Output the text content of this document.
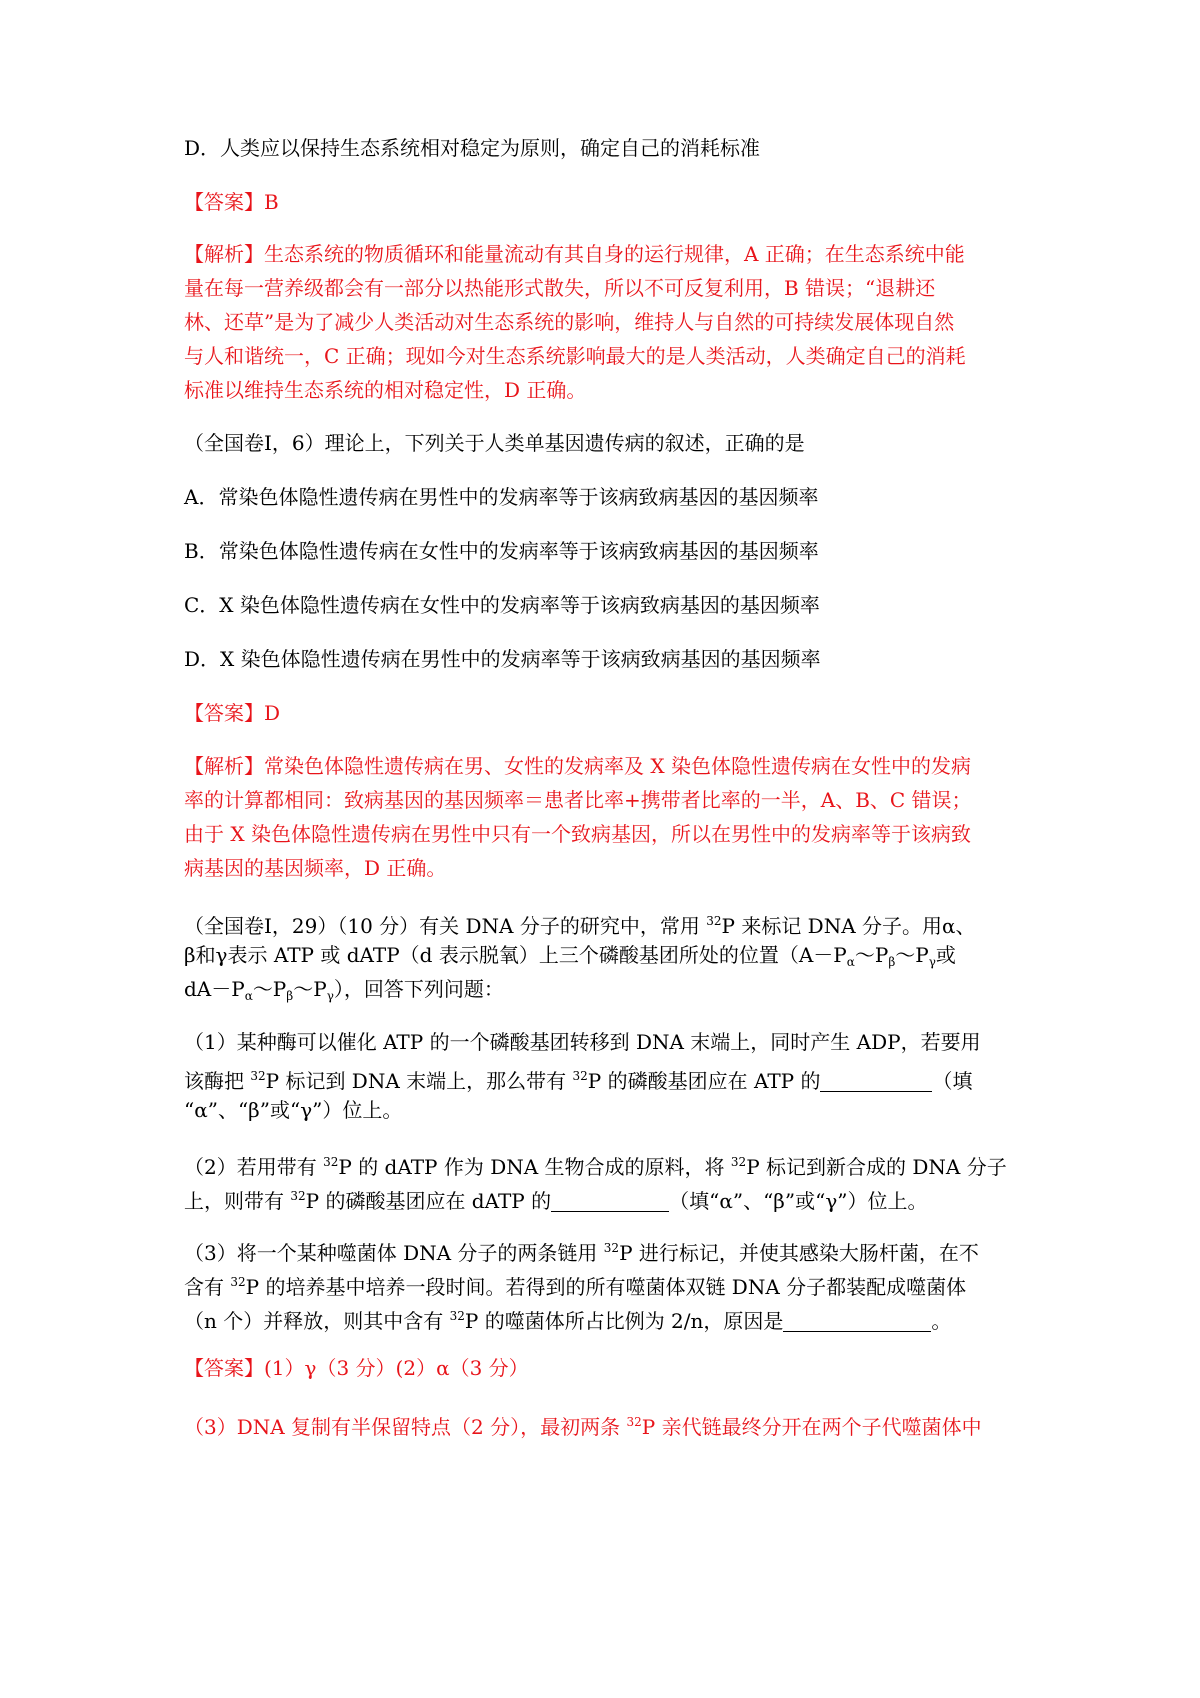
D．人类应以保持生态系统相对稳定为原则，确定自己的消耗标准
【答案】B
【解析】生态系统的物质循环和能量流动有其自身的运行规律，A 正确；在生态系统中能
量在每一营养级都会有一部分以热能形式散失，所以不可反复利用，B 错误；“退耕还
林、还草”是为了减少人类活动对生态系统的影响，维持人与自然的可持续发展体现自然
与人和谐统一，C 正确；现如今对生态系统影响最大的是人类活动，人类确定自己的消耗
标准以维持生态系统的相对稳定性，D 正确。
（全国卷Ⅰ，6）理论上，下列关于人类单基因遗传病的叙述，正确的是
A．常染色体隐性遗传病在男性中的发病率等于该病致病基因的基因频率
B．常染色体隐性遗传病在女性中的发病率等于该病致病基因的基因频率
C．X 染色体隐性遗传病在女性中的发病率等于该病致病基因的基因频率
D．X 染色体隐性遗传病在男性中的发病率等于该病致病基因的基因频率
【答案】D
【解析】常染色体隐性遗传病在男、女性的发病率及 X 染色体隐性遗传病在女性中的发病
率的计算都相同：致病基因的基因频率＝患者比率+携带者比率的一半，A、B、C 错误；
由于 X 染色体隐性遗传病在男性中只有一个致病基因，所以在男性中的发病率等于该病致
病基因的基因频率，D 正确。
（全国卷Ⅰ，29）（10 分）有关 DNA 分子的研究中，常用 $^{32}$P 来标记 DNA 分子。用α、
β和γ表示 ATP 或 dATP（d 表示脱氧）上三个磷酸基团所处的位置（$A-P_\alpha\sim P_\beta\sim P_\gamma$或
$dA-P_\alpha\sim P_\beta\sim P_\gamma$），回答下列问题：
（1）某种酶可以催化 ATP 的一个磷酸基团转移到 DNA 末端上，同时产生 ADP，若要用
该酶把 $^{32}$P 标记到 DNA 末端上，那么带有 $^{32}$P 的磷酸基团应在 ATP 的	（填
“α”、“β”或“γ”）位上。
（2）若用带有 $^{32}$P 的 dATP 作为 DNA 生物合成的原料，将 $^{32}$P 标记到新合成的 DNA 分子
上，则带有 $^{32}$P 的磷酸基团应在 dATP 的	（填“α”、“β”或“γ”）位上。
（3）将一个某种噬菌体 DNA 分子的两条链用 $^{32}$P 进行标记，并使其感染大肠杆菌，在不
含有 $^{32}$P 的培养基中培养一段时间。若得到的所有噬菌体双链 DNA 分子都装配成噬菌体
（n 个）并释放，则其中含有 $^{32}$P 的噬菌体所占比例为 2/n，原因是	。
【答案】(1）γ（3 分）(2）α（3 分）
（3）DNA 复制有半保留特点（2 分），最初两条 $^{32}$P 亲代链最终分开在两个子代噬菌体中
